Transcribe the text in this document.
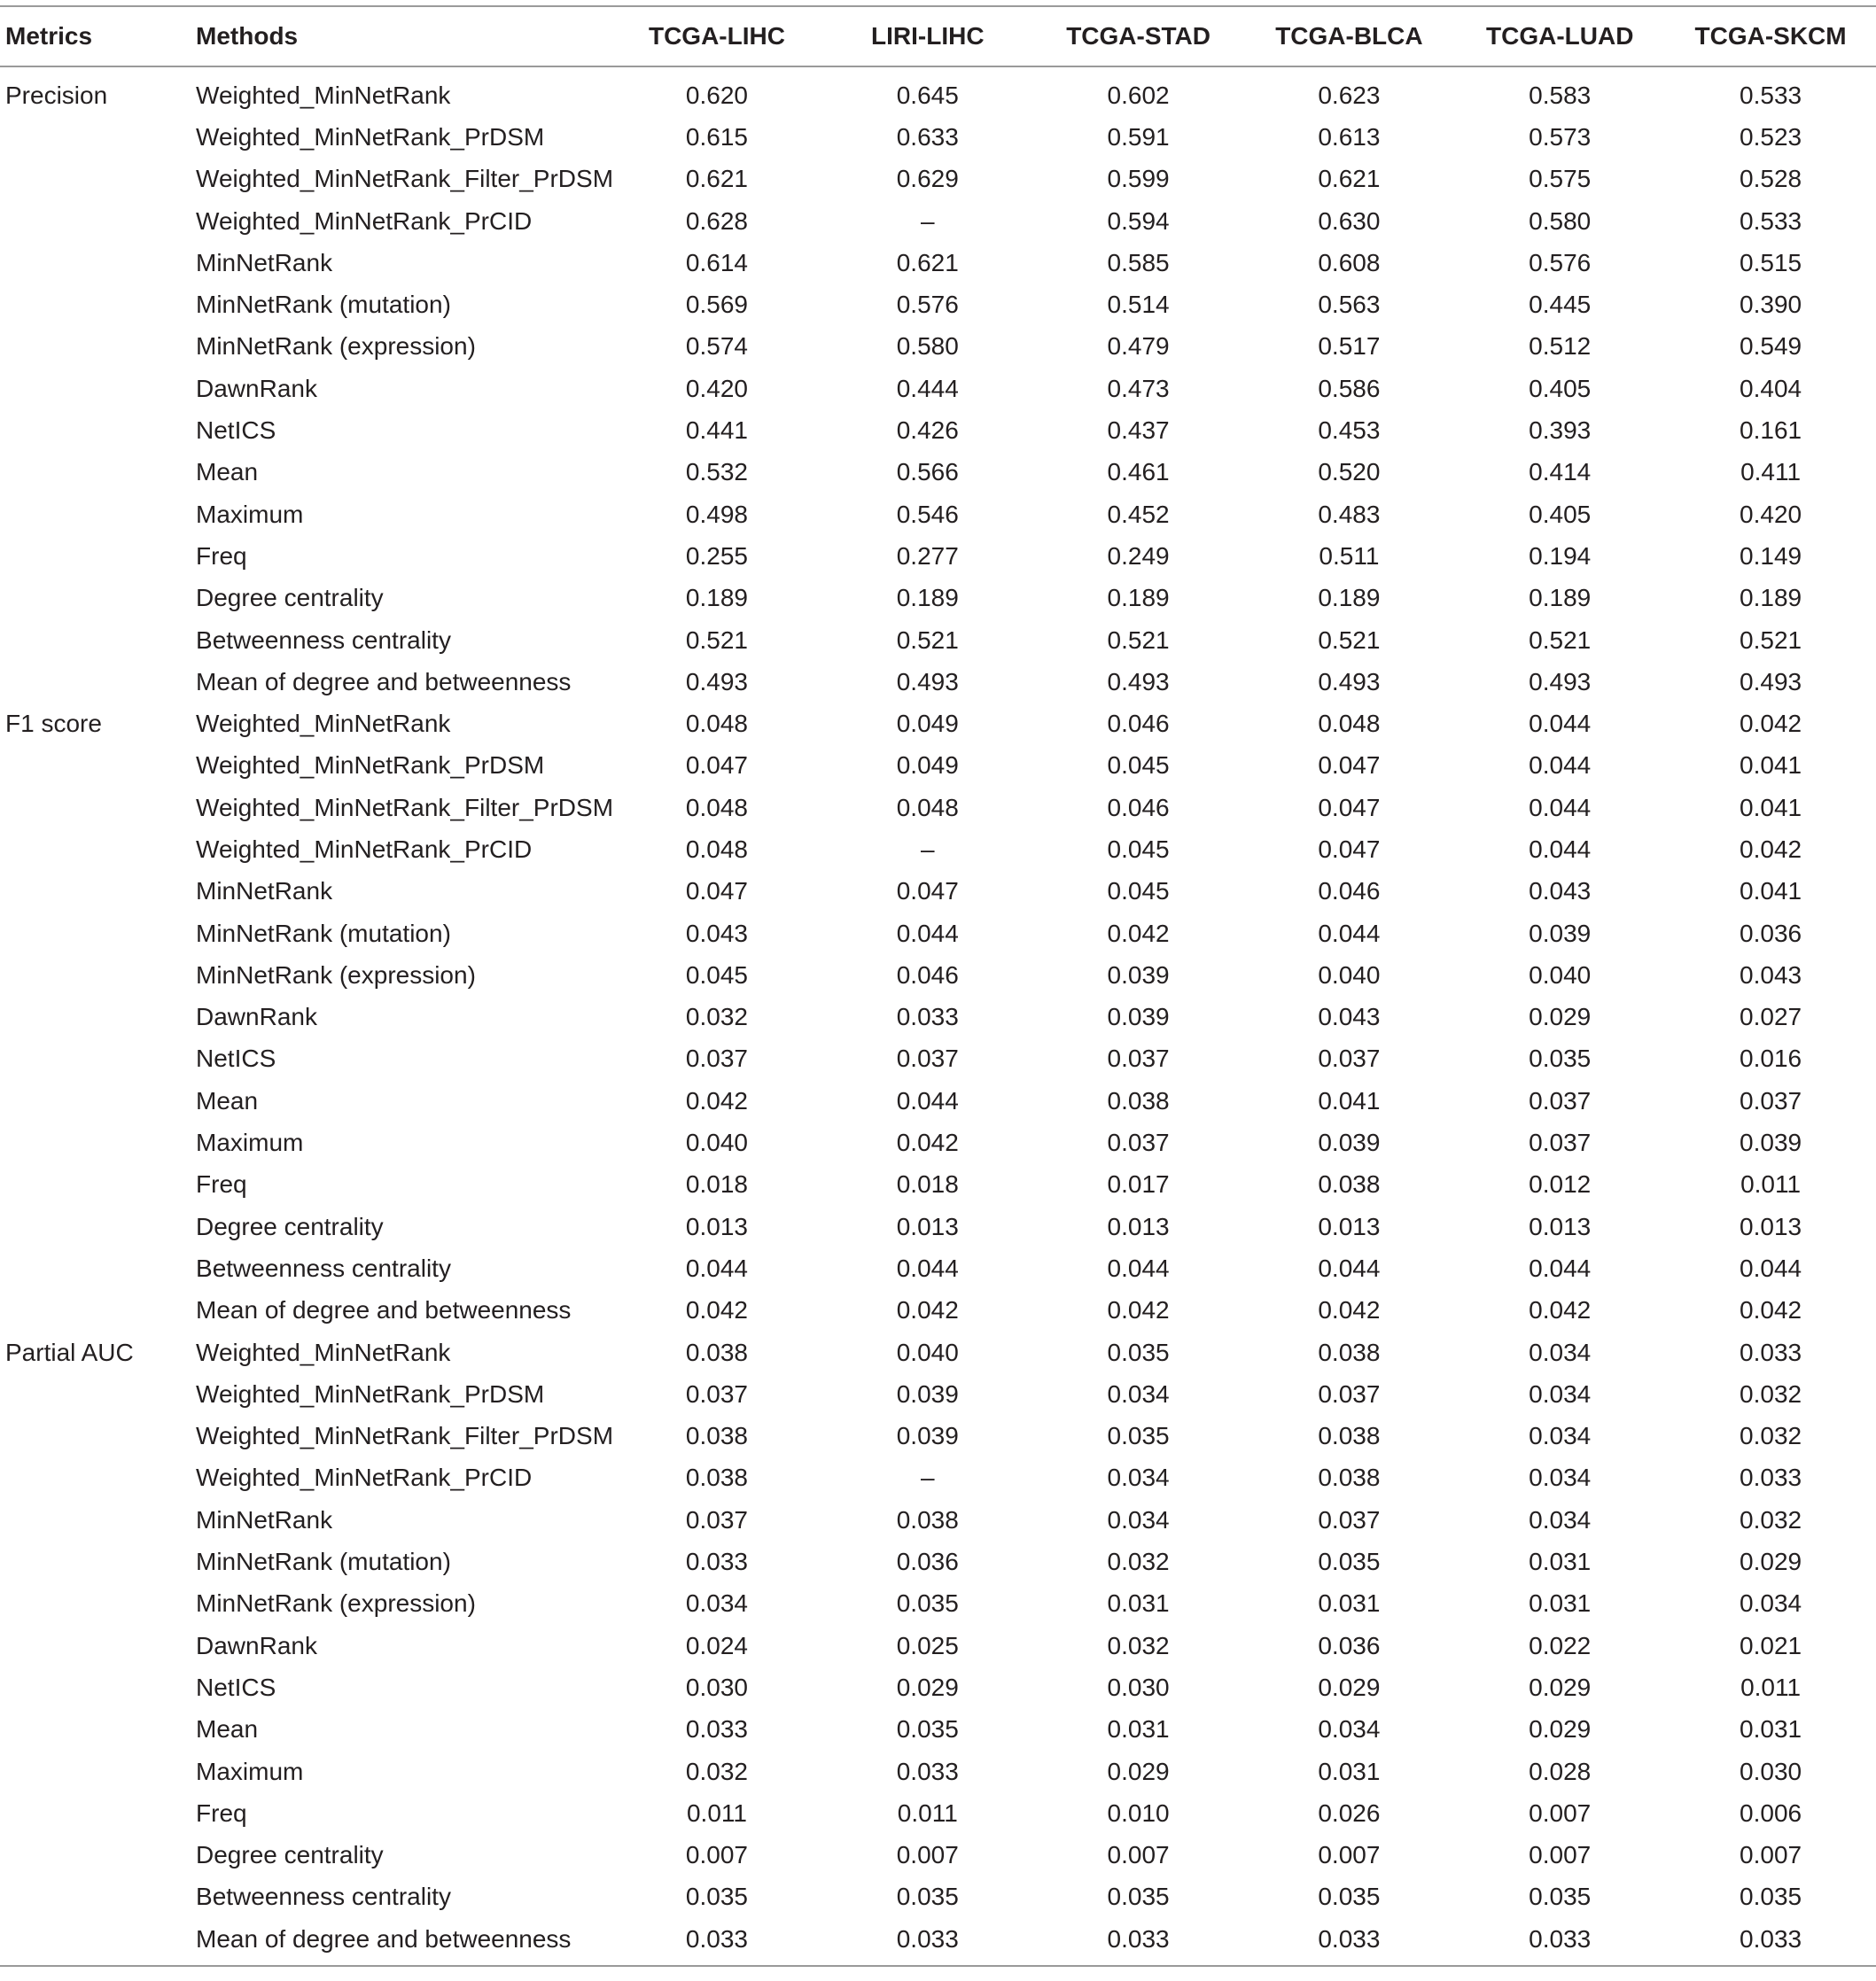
Metrics	Methods	TCGA-LIHC	LIRI-LIHC	TCGA-STAD	TCGA-BLCA	TCGA-LUAD	TCGA-SKCM
Precision	Weighted_MinNetRank	0.620	0.645	0.602	0.623	0.583	0.533
	Weighted_MinNetRank_PrDSM	0.615	0.633	0.591	0.613	0.573	0.523
	Weighted_MinNetRank_Filter_PrDSM	0.621	0.629	0.599	0.621	0.575	0.528
	Weighted_MinNetRank_PrCID	0.628	–	0.594	0.630	0.580	0.533
	MinNetRank	0.614	0.621	0.585	0.608	0.576	0.515
	MinNetRank (mutation)	0.569	0.576	0.514	0.563	0.445	0.390
	MinNetRank (expression)	0.574	0.580	0.479	0.517	0.512	0.549
	DawnRank	0.420	0.444	0.473	0.586	0.405	0.404
	NetICS	0.441	0.426	0.437	0.453	0.393	0.161
	Mean	0.532	0.566	0.461	0.520	0.414	0.411
	Maximum	0.498	0.546	0.452	0.483	0.405	0.420
	Freq	0.255	0.277	0.249	0.511	0.194	0.149
	Degree centrality	0.189	0.189	0.189	0.189	0.189	0.189
	Betweenness centrality	0.521	0.521	0.521	0.521	0.521	0.521
	Mean of degree and betweenness	0.493	0.493	0.493	0.493	0.493	0.493
F1 score	Weighted_MinNetRank	0.048	0.049	0.046	0.048	0.044	0.042
	Weighted_MinNetRank_PrDSM	0.047	0.049	0.045	0.047	0.044	0.041
	Weighted_MinNetRank_Filter_PrDSM	0.048	0.048	0.046	0.047	0.044	0.041
	Weighted_MinNetRank_PrCID	0.048	–	0.045	0.047	0.044	0.042
	MinNetRank	0.047	0.047	0.045	0.046	0.043	0.041
	MinNetRank (mutation)	0.043	0.044	0.042	0.044	0.039	0.036
	MinNetRank (expression)	0.045	0.046	0.039	0.040	0.040	0.043
	DawnRank	0.032	0.033	0.039	0.043	0.029	0.027
	NetICS	0.037	0.037	0.037	0.037	0.035	0.016
	Mean	0.042	0.044	0.038	0.041	0.037	0.037
	Maximum	0.040	0.042	0.037	0.039	0.037	0.039
	Freq	0.018	0.018	0.017	0.038	0.012	0.011
	Degree centrality	0.013	0.013	0.013	0.013	0.013	0.013
	Betweenness centrality	0.044	0.044	0.044	0.044	0.044	0.044
	Mean of degree and betweenness	0.042	0.042	0.042	0.042	0.042	0.042
Partial AUC	Weighted_MinNetRank	0.038	0.040	0.035	0.038	0.034	0.033
	Weighted_MinNetRank_PrDSM	0.037	0.039	0.034	0.037	0.034	0.032
	Weighted_MinNetRank_Filter_PrDSM	0.038	0.039	0.035	0.038	0.034	0.032
	Weighted_MinNetRank_PrCID	0.038	–	0.034	0.038	0.034	0.033
	MinNetRank	0.037	0.038	0.034	0.037	0.034	0.032
	MinNetRank (mutation)	0.033	0.036	0.032	0.035	0.031	0.029
	MinNetRank (expression)	0.034	0.035	0.031	0.031	0.031	0.034
	DawnRank	0.024	0.025	0.032	0.036	0.022	0.021
	NetICS	0.030	0.029	0.030	0.029	0.029	0.011
	Mean	0.033	0.035	0.031	0.034	0.029	0.031
	Maximum	0.032	0.033	0.029	0.031	0.028	0.030
	Freq	0.011	0.011	0.010	0.026	0.007	0.006
	Degree centrality	0.007	0.007	0.007	0.007	0.007	0.007
	Betweenness centrality	0.035	0.035	0.035	0.035	0.035	0.035
	Mean of degree and betweenness	0.033	0.033	0.033	0.033	0.033	0.033
